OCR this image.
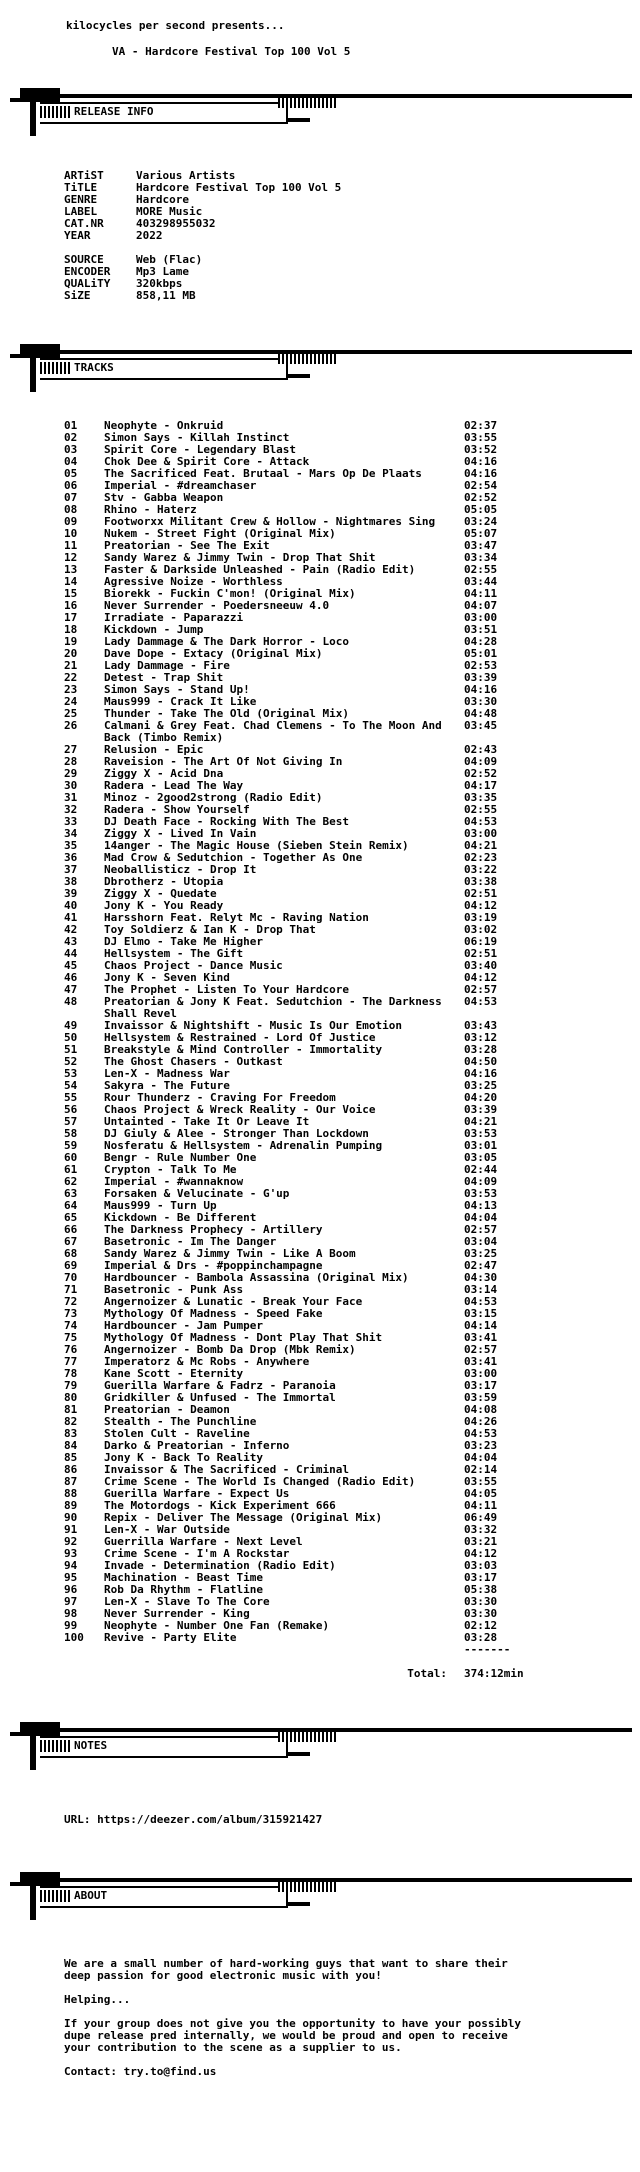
kilocycles per second presents...
VA - Hardcore Festival Top 100 Vol 5
RELEASE INFO
ARTiST	Various Artists
TiTLE	Hardcore Festival Top 100 Vol 5
GENRE	Hardcore
LABEL	MORE Music
CAT.NR	403298955032
YEAR	2022
SOURCE	Web (Flac)
ENCODER Mp3 Lame
QUALiTY 320kbps
SiZE	858,11 MB
TRACKS
01 Neophyte - Onkruid	02:37
02 Simon Says - Killah Instinct	03:55
03 Spirit Core - Legendary Blast	03:52
04 Chok Dee & Spirit Core - Attack	04:16
05 The Sacrificed Feat. Brutaal - Mars Op De Plaats	04:16
06 Imperial - #dreamchaser	02:54
07 Stv - Gabba Weapon	02:52
08 Rhino - Haterz	05:05
09 Footworxx Militant Crew & Hollow - Nightmares Sing	03:24
10 Nukem - Street Fight (Original Mix)	05:07
11 Preatorian - See The Exit	03:47
12 Sandy Warez & Jimmy Twin - Drop That Shit	03:34
13 Faster & Darkside Unleashed - Pain (Radio Edit)	02:55
14 Agressive Noize - Worthless	03:44
15 Biorekk - Fuckin C'mon! (Original Mix)	04:11
16 Never Surrender - Poedersneeuw 4.0	04:07
17 Irradiate - Paparazzi	03:00
18 Kickdown - Jump	03:51
19 Lady Dammage & The Dark Horror - Loco	04:28
20 Dave Dope - Extacy (Original Mix)	05:01
21 Lady Dammage - Fire	02:53
22 Detest - Trap Shit	03:39
23 Simon Says - Stand Up!	04:16
24 Maus999 - Crack It Like	03:30
25 Thunder - Take The Old (Original Mix)	04:48
26 Calmani & Grey Feat. Chad Clemens - To The Moon And Back (Timbo Remix)
03:45
27 Relusion - Epic	02:43
28 Raveision - The Art Of Not Giving In	04:09
29 Ziggy X - Acid Dna	02:52
30 Radera - Lead The Way	04:17
31 Minoz - 2good2strong (Radio Edit)	03:35
32 Radera - Show Yourself	02:55
33 DJ Death Face - Rocking With The Best	04:53
34 Ziggy X - Lived In Vain	03:00
35 14anger - The Magic House (Sieben Stein Remix)	04:21
36 Mad Crow & Sedutchion - Together As One	02:23
37 Neoballisticz - Drop It	03:22
38 Dbrotherz - Utopia	03:38
39 Ziggy X - Quedate	02:51
40 Jony K - You Ready	04:12
41 Harsshorn Feat. Relyt Mc - Raving Nation	03:19
42 Toy Soldierz & Ian K - Drop That	03:02
43 DJ Elmo - Take Me Higher	06:19
44 Hellsystem - The Gift	02:51
45 Chaos Project - Dance Music	03:40
46 Jony K - Seven Kind	04:12
47 The Prophet - Listen To Your Hardcore	02:57
48 Preatorian & Jony K Feat. Sedutchion - The Darkness Shall Revel
04:53
49 Invaissor & Nightshift - Music Is Our Emotion	03:43
50 Hellsystem & Restrained - Lord Of Justice	03:12
51 Breakstyle & Mind Controller - Immortality	03:28
52 The Ghost Chasers - Outkast	04:50
53 Len-X - Madness War	04:16
54 Sakyra - The Future	03:25
55 Rour Thunderz - Craving For Freedom	04:20
56 Chaos Project & Wreck Reality - Our Voice	03:39
57 Untainted - Take It Or Leave It	04:21
58 DJ Giuly & Alee - Stronger Than Lockdown	03:53
59 Nosferatu & Hellsystem - Adrenalin Pumping	03:01
60 Bengr - Rule Number One	03:05
61 Crypton - Talk To Me	02:44
62 Imperial - #wannaknow	04:09
63 Forsaken & Velucinate - G'up	03:53
64 Maus999 - Turn Up	04:13
65 Kickdown - Be Different	04:04
66 The Darkness Prophecy - Artillery	02:57
67 Basetronic - Im The Danger	03:04
68 Sandy Warez & Jimmy Twin - Like A Boom	03:25
69 Imperial & Drs - #poppinchampagne	02:47
70 Hardbouncer - Bambola Assassina (Original Mix)	04:30
71 Basetronic - Punk Ass	03:14
72 Angernoizer & Lunatic - Break Your Face	04:53
73 Mythology Of Madness - Speed Fake	03:15
74 Hardbouncer - Jam Pumper	04:14
75 Mythology Of Madness - Dont Play That Shit	03:41
76 Angernoizer - Bomb Da Drop (Mbk Remix)	02:57
77 Imperatorz & Mc Robs - Anywhere	03:41
78 Kane Scott - Eternity	03:00
79 Guerilla Warfare & Fadrz - Paranoia	03:17
80 Gridkiller & Unfused - The Immortal	03:59
81 Preatorian - Deamon	04:08
82 Stealth - The Punchline	04:26
83 Stolen Cult - Raveline	04:53
84 Darko & Preatorian - Inferno	03:23
85 Jony K - Back To Reality	04:04
86 Invaissor & The Sacrificed - Criminal	02:14
87 Crime Scene - The World Is Changed (Radio Edit)	03:55
88 Guerilla Warfare - Expect Us	04:05
89 The Motordogs - Kick Experiment 666	04:11
90 Repix - Deliver The Message (Original Mix)	06:49
91 Len-X - War Outside	03:32
92 Guerrilla Warfare - Next Level	03:21
93 Crime Scene - I'm A Rockstar	04:12
94 Invade - Determination (Radio Edit)	03:03
95 Machination - Beast Time	03:17
96 Rob Da Rhythm - Flatline	05:38
97 Len-X - Slave To The Core	03:30
98 Never Surrender - King	03:30
99 Neophyte - Number One Fan (Remake)	02:12
100 Revive - Party Elite	03:28
-------

Total: 374:12min

NOTES
URL: https://deezer.com/album/315921427
ABOUT
We are a small number of hard-working guys that want to share their deep passion for good electronic music with you!
Helping...
If your group does not give you the opportunity to have your possibly dupe release pred internally, we would be proud and open to receive your contribution to the scene as a supplier to us.
Contact: try.to@find.us
